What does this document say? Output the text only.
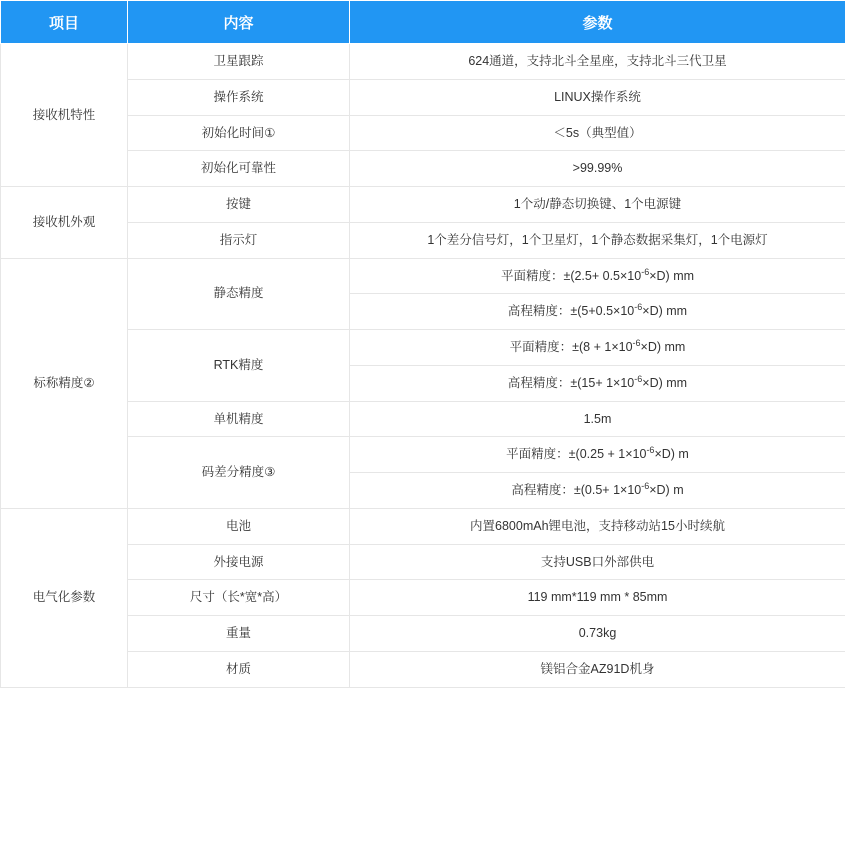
项目	内容	参数
接收机特性	卫星跟踪	624通道，支持北斗全星座，支持北斗三代卫星
	操作系统	LINUX操作系统
	初始化时间①	＜5s（典型值）
	初始化可靠性	>99.99%
接收机外观	按键	1个动/静态切换键、1个电源键
	指示灯	1个差分信号灯，1个卫星灯，1个静态数据采集灯，1个电源灯
标称精度②	静态精度	平面精度：$\pm(2.5+ 0.5\times 10^{-6}\times D)$ mm
		高程精度：$\pm(5+0.5\times 10^{-6}\times D)$ mm
	RTK精度	平面精度：$\pm(8 + 1\times 10^{-6}\times D)$ mm
		高程精度：$\pm(15+ 1\times 10^{-6}\times D)$ mm
	单机精度	1.5m
	码差分精度③	平面精度：$\pm(0.25 + 1\times 10^{-6}\times D)$ m
		高程精度：$\pm(0.5+ 1\times 10^{-6}\times D)$ m
电气化参数	电池	内置6800mAh锂电池，支持移动站15小时续航
	外接电源	支持USB口外部供电
	尺寸（长*宽*高）	119 mm*119 mm * 85mm
	重量	0.73kg
	材质	镁铝合金AZ91D机身
